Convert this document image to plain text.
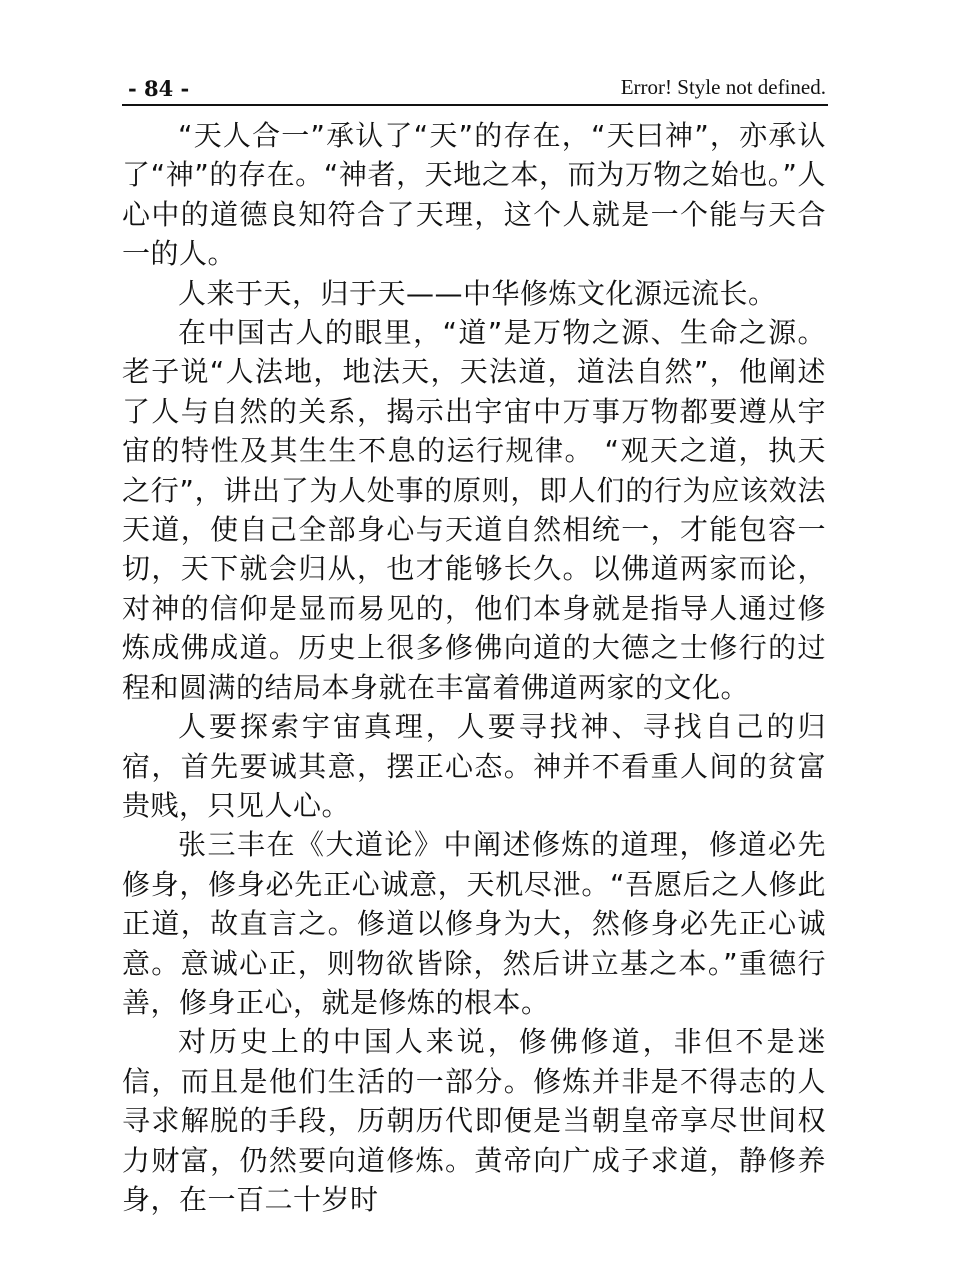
- 84 -	Error! Style not defined.

“天人合一”承认了“天”的存在，“天曰神”，亦承认了“神”的存在。“神者，天地之本，而为万物之始也。”人心中的道德良知符合了天理，这个人就是一个能与天合一的人。

人来于天，归于天——中华修炼文化源远流长。

在中国古人的眼里，“道”是万物之源、生命之源。老子说“人法地，地法天，天法道，道法自然”，他阐述了人与自然的关系，揭示出宇宙中万事万物都要遵从宇宙的特性及其生生不息的运行规律。 “观天之道，执天之行”，讲出了为人处事的原则，即人们的行为应该效法天道，使自己全部身心与天道自然相统一，才能包容一切，天下就会归从，也才能够长久。以佛道两家而论，对神的信仰是显而易见的，他们本身就是指导人通过修炼成佛成道。历史上很多修佛向道的大德之士修行的过程和圆满的结局本身就在丰富着佛道两家的文化。

人要探索宇宙真理，人要寻找神、寻找自己的归宿，首先要诚其意，摆正心态。神并不看重人间的贫富贵贱，只见人心。

张三丰在《大道论》中阐述修炼的道理，修道必先修身，修身必先正心诚意，天机尽泄。“吾愿后之人修此正道，故直言之。修道以修身为大，然修身必先正心诚意。意诚心正，则物欲皆除，然后讲立基之本。”重德行善，修身正心，就是修炼的根本。

对历史上的中国人来说，修佛修道，非但不是迷信，而且是他们生活的一部分。修炼并非是不得志的人寻求解脱的手段，历朝历代即便是当朝皇帝享尽世间权力财富，仍然要向道修炼。黄帝向广成子求道，静修养身，在一百二十岁时
